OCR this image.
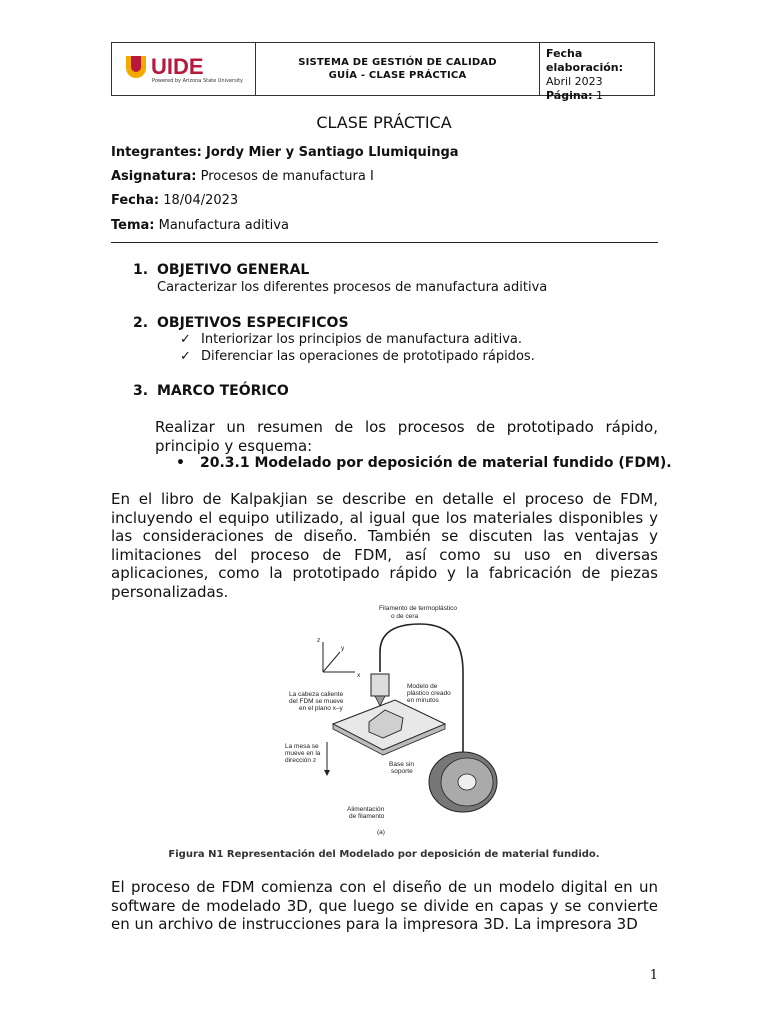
UIDE
Powered by Arizona State University
SISTEMA DE GESTIÓN DE CALIDAD
GUÍA - CLASE PRÁCTICA
Fecha elaboración:
Abril 2023
Página: 1
CLASE PRÁCTICA
Integrantes: Jordy Mier y Santiago Llumiquinga
Asignatura: Procesos de manufactura I
Fecha: 18/04/2023
Tema: Manufactura aditiva
1. OBJETIVO GENERAL
Caracterizar los diferentes procesos de manufactura aditiva
2. OBJETIVOS ESPECIFICOS
✓ Interiorizar los principios de manufactura aditiva.
✓ Diferenciar las operaciones de prototipado rápidos.
3. MARCO TEÓRICO
Realizar un resumen de los procesos de prototipado rápido, principio y esquema:
• 20.3.1 Modelado por deposición de material fundido (FDM).
En el libro de Kalpakjian se describe en detalle el proceso de FDM, incluyendo el equipo utilizado, al igual que los materiales disponibles y las consideraciones de diseño. También se discuten las ventajas y limitaciones del proceso de FDM, así como su uso en diversas aplicaciones, como la prototipado rápido y la fabricación de piezas personalizadas.
Filamento de termoplástico
o de cera
z
x
y
La cabeza caliente
del FDM se mueve
en el plano x–y
Modelo de
plástico creado
en minutos
La mesa se
mueve en la
dirección z
Base sin
soporte
Alimentación
de filamento
(a)
Figura N1 Representación del Modelado por deposición de material fundido.
El proceso de FDM comienza con el diseño de un modelo digital en un software de modelado 3D, que luego se divide en capas y se convierte en un archivo de instrucciones para la impresora 3D. La impresora 3D
1
